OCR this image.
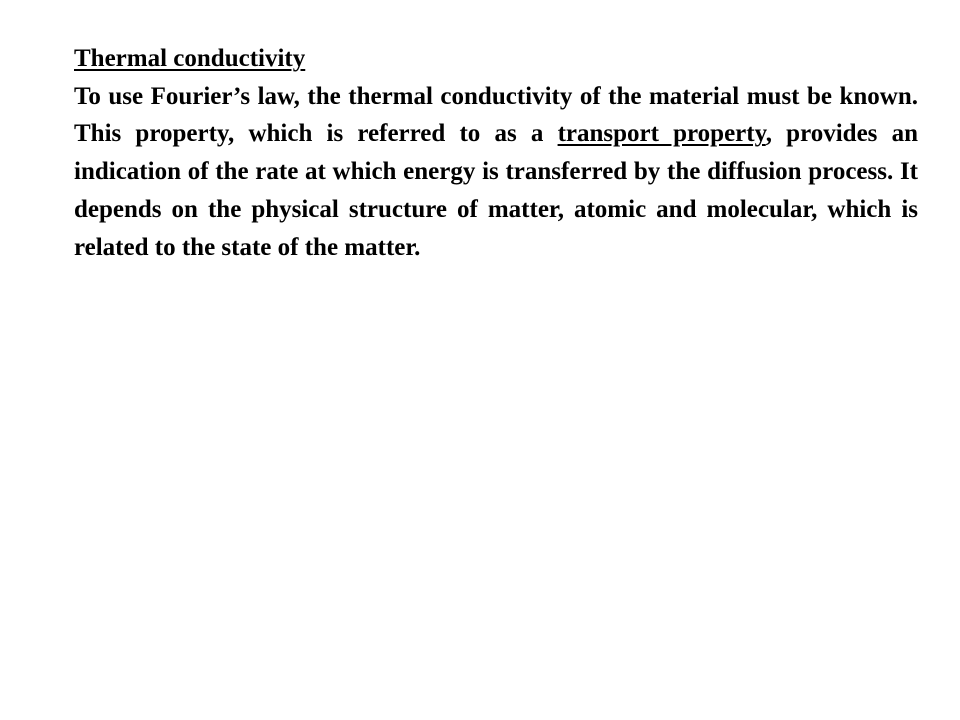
Thermal conductivity

To use Fourier’s law, the thermal conductivity of the material must be known. This property, which is referred to as a transport property, provides an indication of the rate at which energy is transferred by the diffusion process. It depends on the physical structure of matter, atomic and molecular, which is related to the state of the matter.
